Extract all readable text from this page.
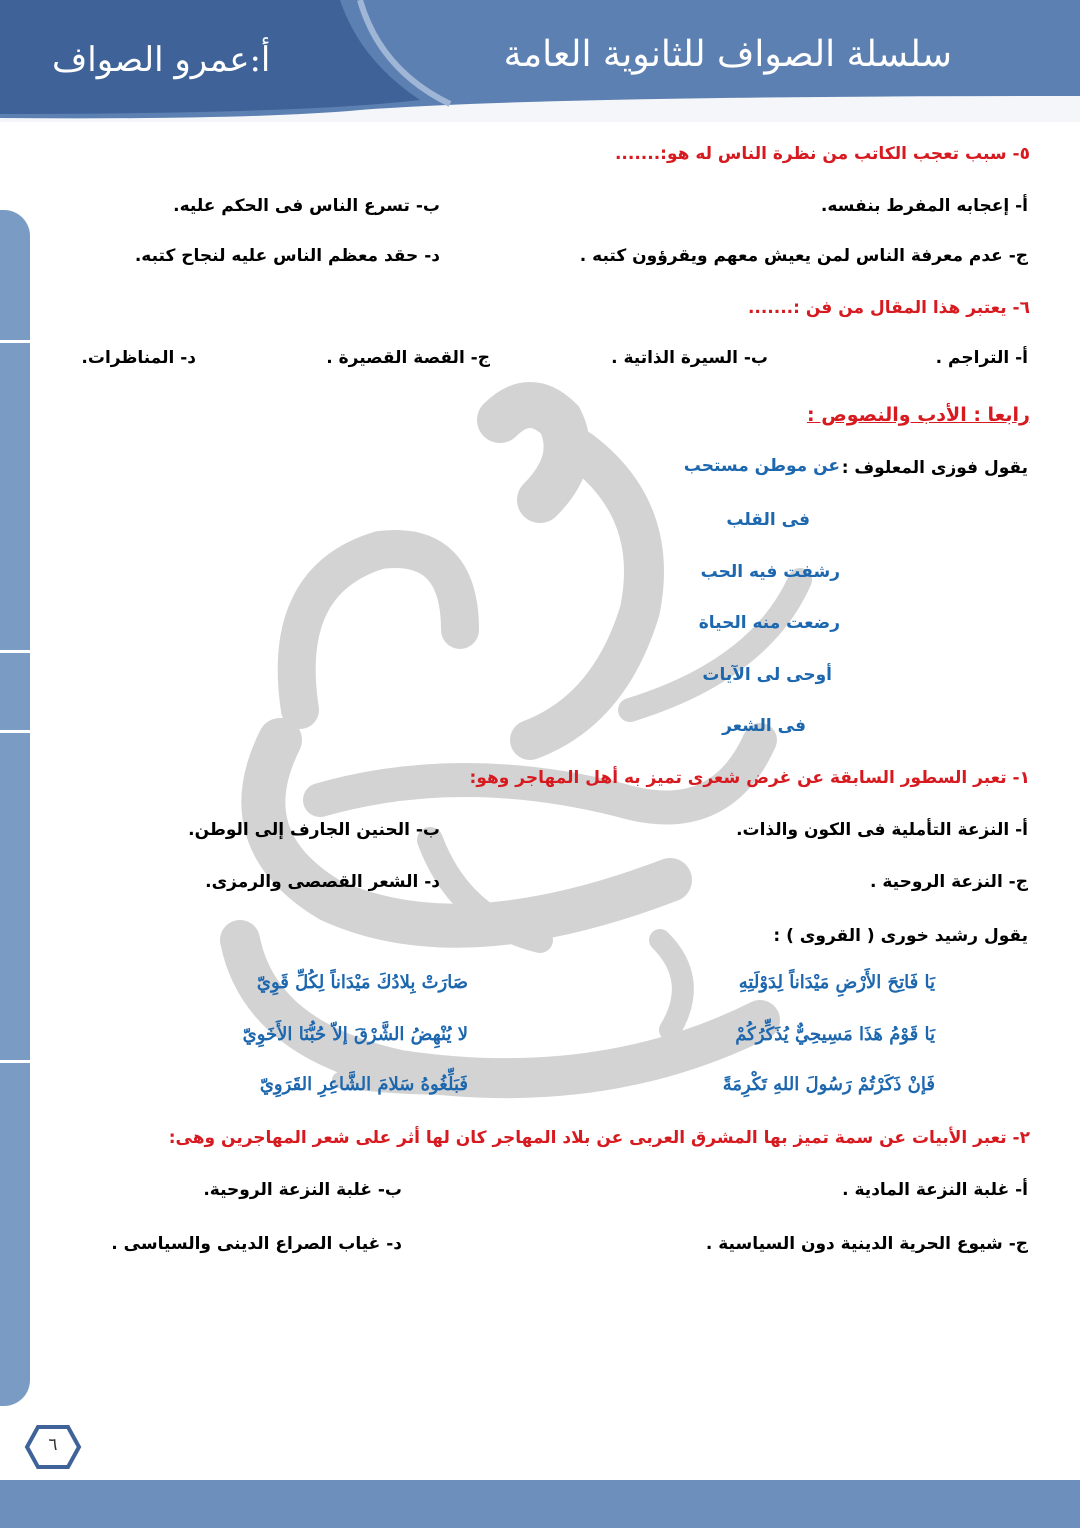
سلسلة الصواف للثانوية العامة
أ:عمرو الصواف
٥- سبب تعجب الكاتب من نظرة الناس له هو:.......
أ- إعجابه المفرط بنفسه.
ب- تسرع الناس فى الحكم عليه.
ج- عدم معرفة الناس لمن يعيش معهم ويقرؤون كتبه .
د- حقد معظم الناس عليه لنجاح كتبه.
٦- يعتبر هذا المقال من فن :.......
أ- التراجم .
ب- السيرة الذاتية .
ج- القصة القصيرة .
د- المناظرات.
رابعا : الأدب والنصوص :
يقول فوزى المعلوف :
عن موطن مستحب
فى القلب
رشفت فيه الحب
رضعت منه الحياة
أوحى لى الآيات
فى الشعر
١- تعبر السطور السابقة عن غرض شعرى تميز به أهل المهاجر وهو:
أ- النزعة التأملية فى الكون والذات.
ب- الحنين الجارف إلى الوطن.
ج- النزعة الروحية .
د- الشعر القصصى والرمزى.
يقول رشيد خورى ( القروى ) :
يَا فَاتِحَ الأَرْضِ مَيْدَاناً لِدَوْلَتِهِ
صَارَتْ بِلادُكَ مَيْدَاناً لِكُلِّ قَوِيّ
يَا قَوْمُ هَذَا مَسِيحِيٌّ يُذَكِّرُكُمْ
لا يُنْهِضُ الشَّرْقَ إلاّ حُبُّنَا الأَخَوِيّ
فَإنْ ذَكَرْتُمْ رَسُولَ اللهِ تَكْرِمَةً
فَبَلِّغُوهُ سَلامَ الشَّاعِرِ القَرَوِيّ
٢- تعبر الأبيات عن سمة تميز بها المشرق العربى عن بلاد المهاجر كان لها أثر على شعر المهاجرين وهى:
أ- غلبة النزعة المادية .
ب- غلبة النزعة الروحية.
ج- شيوع الحرية الدينية دون السياسية .
د- غياب الصراع الدينى والسياسى .
٦
